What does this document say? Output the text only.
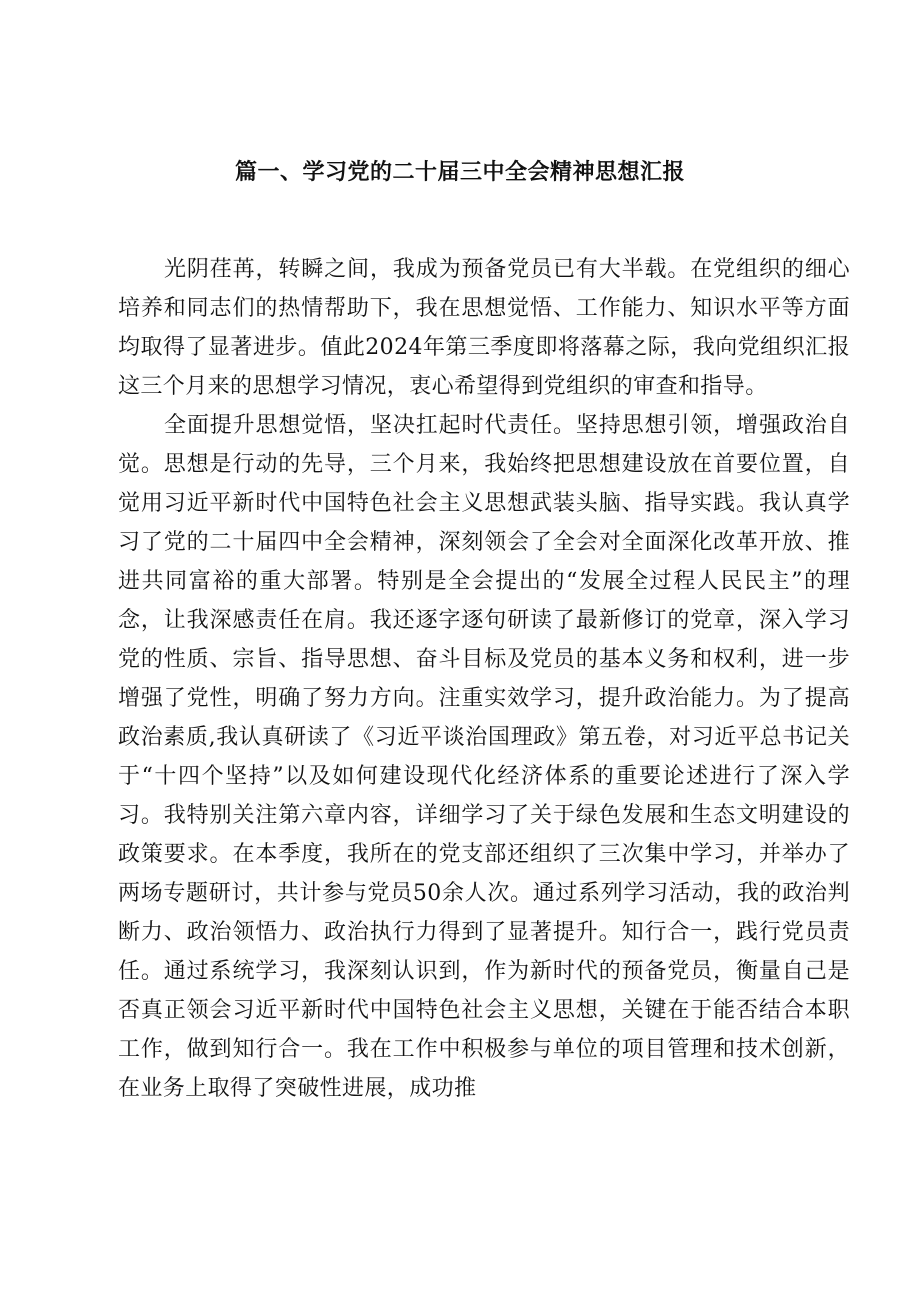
篇一、学习党的二十届三中全会精神思想汇报

光阴荏苒，转瞬之间，我成为预备党员已有大半载。在党组织的细心培养和同志们的热情帮助下，我在思想觉悟、工作能力、知识水平等方面均取得了显著进步。值此2024年第三季度即将落幕之际，我向党组织汇报这三个月来的思想学习情况，衷心希望得到党组织的审查和指导。

全面提升思想觉悟，坚决扛起时代责任。坚持思想引领，增强政治自觉。思想是行动的先导，三个月来，我始终把思想建设放在首要位置，自觉用习近平新时代中国特色社会主义思想武装头脑、指导实践。我认真学习了党的二十届四中全会精神，深刻领会了全会对全面深化改革开放、推进共同富裕的重大部署。特别是全会提出的“发展全过程人民民主”的理念，让我深感责任在肩。我还逐字逐句研读了最新修订的党章，深入学习党的性质、宗旨、指导思想、奋斗目标及党员的基本义务和权利，进一步增强了党性，明确了努力方向。注重实效学习，提升政治能力。为了提高政治素质,我认真研读了《习近平谈治国理政》第五卷，对习近平总书记关于“十四个坚持”以及如何建设现代化经济体系的重要论述进行了深入学习。我特别关注第六章内容，详细学习了关于绿色发展和生态文明建设的政策要求。在本季度，我所在的党支部还组织了三次集中学习，并举办了两场专题研讨，共计参与党员50余人次。通过系列学习活动，我的政治判断力、政治领悟力、政治执行力得到了显著提升。知行合一，践行党员责任。通过系统学习，我深刻认识到，作为新时代的预备党员，衡量自己是否真正领会习近平新时代中国特色社会主义思想，关键在于能否结合本职工作，做到知行合一。我在工作中积极参与单位的项目管理和技术创新，在业务上取得了突破性进展，成功推
